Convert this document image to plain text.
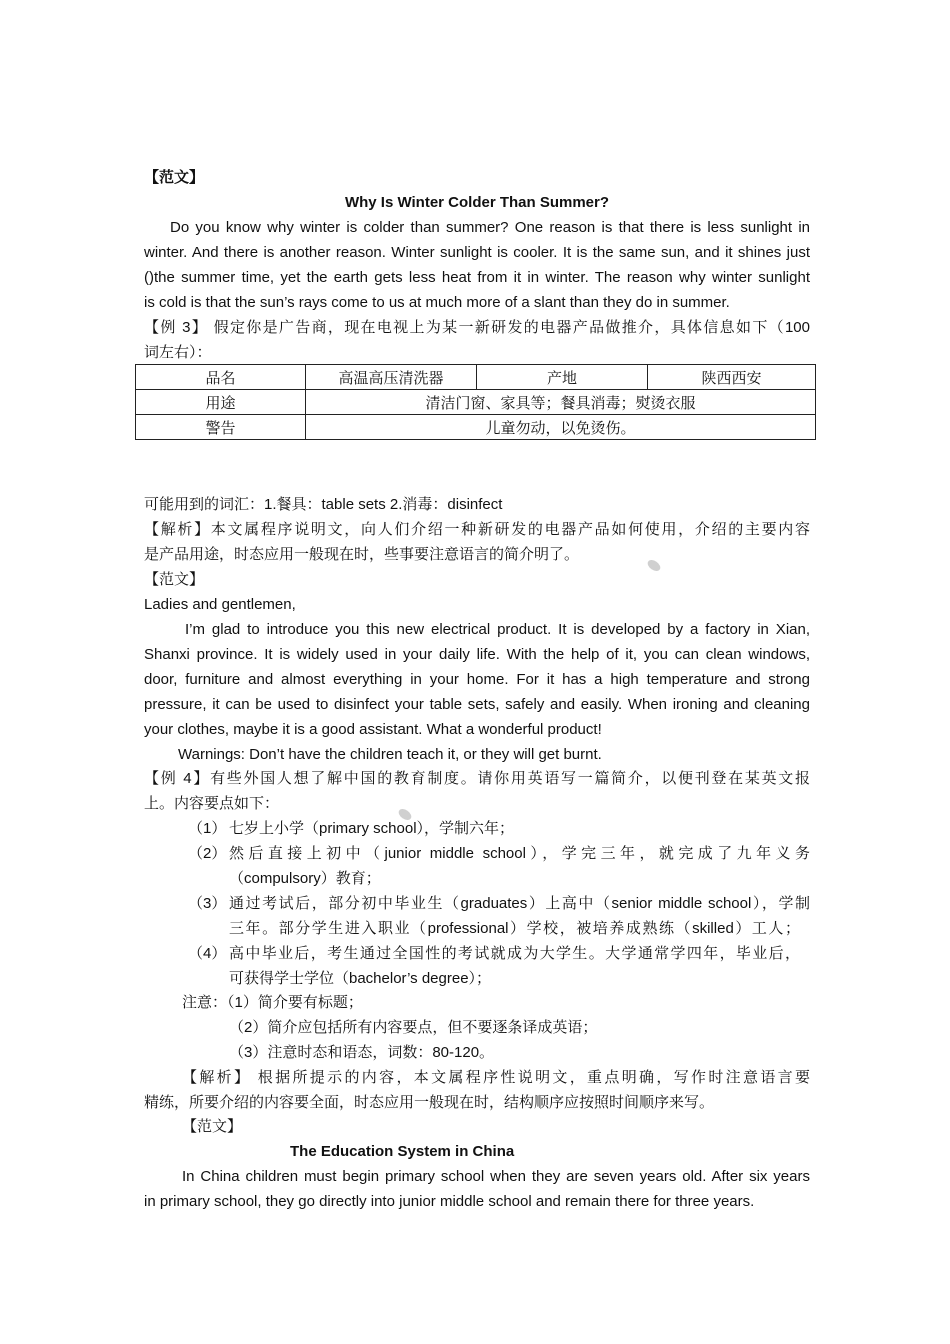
【范文】
Why Is Winter Colder Than Summer?
Do you know why winter is colder than summer? One reason is that there is less sunlight in
winter. And there is another reason. Winter sunlight is cooler. It is the same sun, and it shines just
()the summer time, yet the earth gets less heat from it in winter. The reason why winter sunlight
is cold is that the sun’s rays come to us at much more of a slant than they do in summer.
【例 3】 假定你是广告商，现在电视上为某一新研发的电器产品做推介，具体信息如下（100
词左右）：
品名	高温高压清洗器	产地	陕西西安
用途	清洁门窗、家具等；餐具消毒；熨烫衣服		
警告	儿童勿动，以免烫伤。		
可能用到的词汇：1.餐具：table sets 2.消毒：disinfect
【解析】本文属程序说明文，向人们介绍一种新研发的电器产品如何使用，介绍的主要内容
是产品用途，时态应用一般现在时，些事要注意语言的简介明了。
【范文】
Ladies and gentlemen,
I’m glad to introduce you this new electrical product. It is developed by a factory in Xian,
Shanxi province. It is widely used in your daily life. With the help of it, you can clean windows,
door, furniture and almost everything in your home. For it has a high temperature and strong
pressure, it can be used to disinfect your table sets, safely and easily. When ironing and cleaning
your clothes, maybe it is a good assistant. What a wonderful product!
Warnings: Don’t have the children teach it, or they will get burnt.
【例 4】有些外国人想了解中国的教育制度。请你用英语写一篇简介，以便刊登在某英文报
上。内容要点如下：
（1） 七岁上小学（primary school），学制六年；
（2） 然后直接上初中（junior middle school），学完三年，就完成了九年义务
（compulsory）教育；
（3） 通过考试后，部分初中毕业生（graduates）上高中（senior middle school），学制
三年。部分学生进入职业（professional）学校，被培养成熟练（skilled）工人；
（4） 高中毕业后，考生通过全国性的考试就成为大学生。大学通常学四年，毕业后，
可获得学士学位（bachelor’s degree）；
注意：（1）简介要有标题；
（2）简介应包括所有内容要点，但不要逐条译成英语；
（3）注意时态和语态，词数：80-120。
【解析】 根据所提示的内容，本文属程序性说明文，重点明确，写作时注意语言要
精练，所要介绍的内容要全面，时态应用一般现在时，结构顺序应按照时间顺序来写。
【范文】
The Education System in China
In China children must begin primary school when they are seven years old. After six years
in primary school, they go directly into junior middle school and remain there for three years.
